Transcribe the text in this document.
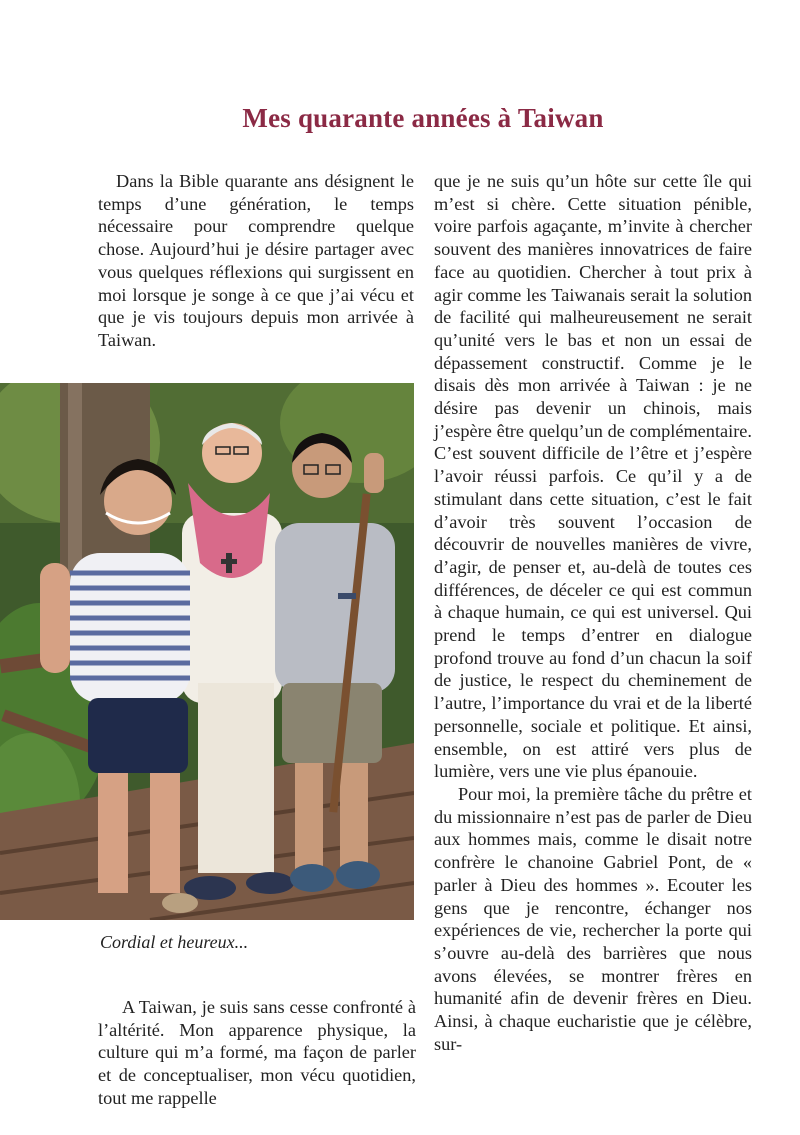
Mes quarante années à Taiwan

Dans la Bible quarante ans désignent le temps d’une génération, le temps nécessaire pour comprendre quelque chose. Aujourd’hui je désire partager avec vous quelques réflexions qui surgissent en moi lorsque je songe à ce que j’ai vécu et que je vis toujours depuis mon arrivée à Taiwan.

Cordial et heureux...

A Taiwan, je suis sans cesse confronté à l’altérité. Mon apparence physique, la culture qui m’a formé, ma façon de parler et de conceptualiser, mon vécu quotidien, tout me rappelle

que je ne suis qu’un hôte sur cette île qui m’est si chère. Cette situation pénible, voire parfois agaçante, m’invite à chercher souvent des manières innovatrices de faire face au quotidien. Chercher à tout prix à agir comme les Taiwanais serait la solution de facilité qui malheureusement ne serait qu’unité vers le bas et non un essai de dépassement constructif. Comme je le disais dès mon arrivée à Taiwan : je ne désire pas devenir un chinois, mais j’espère être quelqu’un de complémentaire. C’est souvent difficile de l’être et j’espère l’avoir réussi parfois. Ce qu’il y a de stimulant dans cette situation, c’est le fait d’avoir très souvent l’occasion de découvrir de nouvelles manières de vivre, d’agir, de penser et, au-delà de toutes ces différences, de déceler ce qui est commun à chaque humain, ce qui est universel. Qui prend le temps d’entrer en dialogue profond trouve au fond d’un chacun la soif de justice, le respect du cheminement de l’autre, l’importance du vrai et de la liberté personnelle, sociale et politique. Et ainsi, ensemble, on est attiré vers plus de lumière, vers une vie plus épanouie.

Pour moi, la première tâche du prêtre et du missionnaire n’est pas de parler de Dieu aux hommes mais, comme le disait notre confrère le chanoine Gabriel Pont, de « parler à Dieu des hommes ». Ecouter les gens que je rencontre, échanger nos expériences de vie, rechercher la porte qui s’ouvre au-delà des barrières que nous avons élevées, se montrer frères en humanité afin de devenir frères en Dieu. Ainsi, à chaque eucharistie que je célèbre, sur-
